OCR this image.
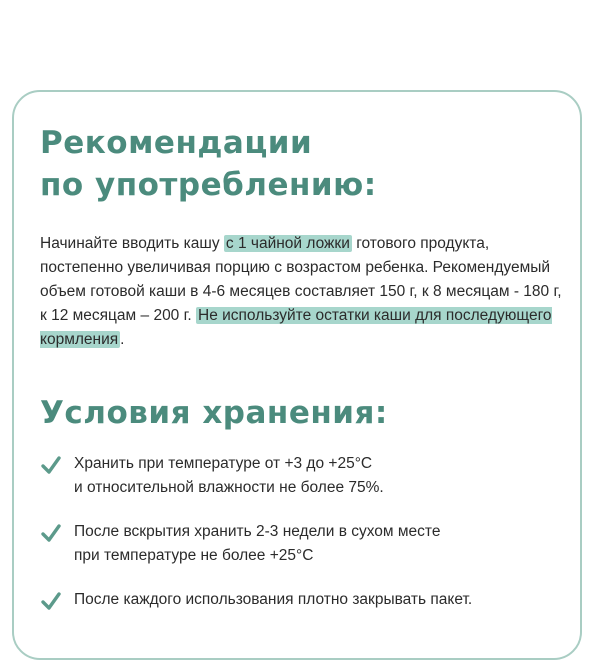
Рекомендации
по употреблению:

Начинайте вводить кашу с 1 чайной ложки готового продукта, постепенно увеличивая порцию с возрастом ребенка. Рекомендуемый объем готовой каши в 4-6 месяцев составляет 150 г, к 8 месяцам - 180 г, к 12 месяцам – 200 г. Не используйте остатки каши для последующего кормления .

Условия хранения:
Хранить при температуре от +3 до +25°С
и относительной влажности не более 75%.
После вскрытия хранить 2-3 недели в сухом месте
при температуре не более +25°С
После каждого использования плотно закрывать пакет.
